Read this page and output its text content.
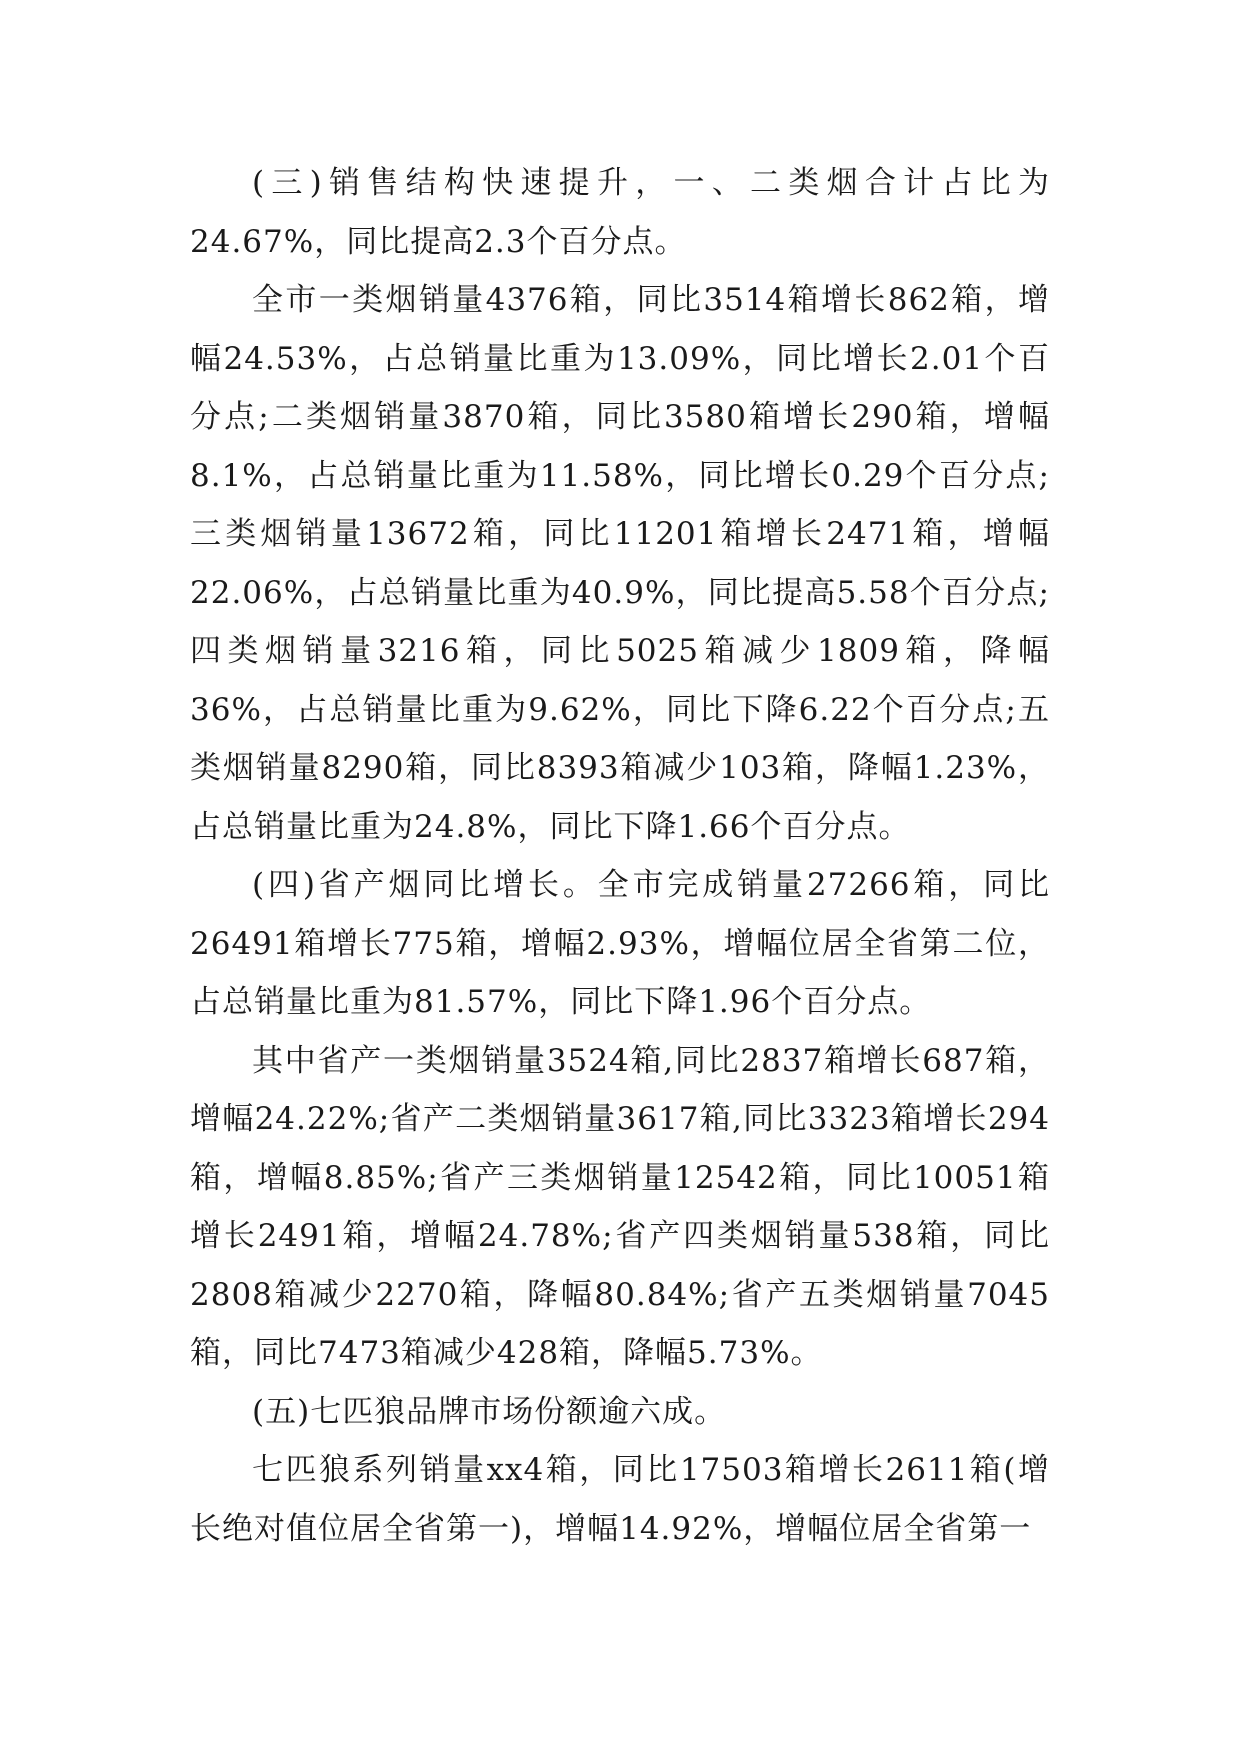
(三)销售结构快速提升，一、二类烟合计占比为24.67%，同比提高2.3个百分点。

全市一类烟销量4376箱，同比3514箱增长862箱，增幅24.53%，占总销量比重为13.09%，同比增长2.01个百分点;二类烟销量3870箱，同比3580箱增长290箱，增幅8.1%，占总销量比重为11.58%，同比增长0.29个百分点;三类烟销量13672箱，同比11201箱增长2471箱，增幅22.06%，占总销量比重为40.9%，同比提高5.58个百分点;四类烟销量3216箱，同比5025箱减少1809箱，降幅36%，占总销量比重为9.62%，同比下降6.22个百分点;五类烟销量8290箱，同比8393箱减少103箱，降幅1.23%，占总销量比重为24.8%，同比下降1.66个百分点。

(四)省产烟同比增长。全市完成销量27266箱，同比26491箱增长775箱，增幅2.93%，增幅位居全省第二位，占总销量比重为81.57%，同比下降1.96个百分点。

其中省产一类烟销量3524箱,同比2837箱增长687箱，增幅24.22%;省产二类烟销量3617箱,同比3323箱增长294箱，增幅8.85%;省产三类烟销量12542箱，同比10051箱增长2491箱，增幅24.78%;省产四类烟销量538箱，同比2808箱减少2270箱，降幅80.84%;省产五类烟销量7045箱，同比7473箱减少428箱，降幅5.73%。

(五)七匹狼品牌市场份额逾六成。

七匹狼系列销量xx4箱，同比17503箱增长2611箱(增长绝对值位居全省第一)，增幅14.92%，增幅位居全省第一
